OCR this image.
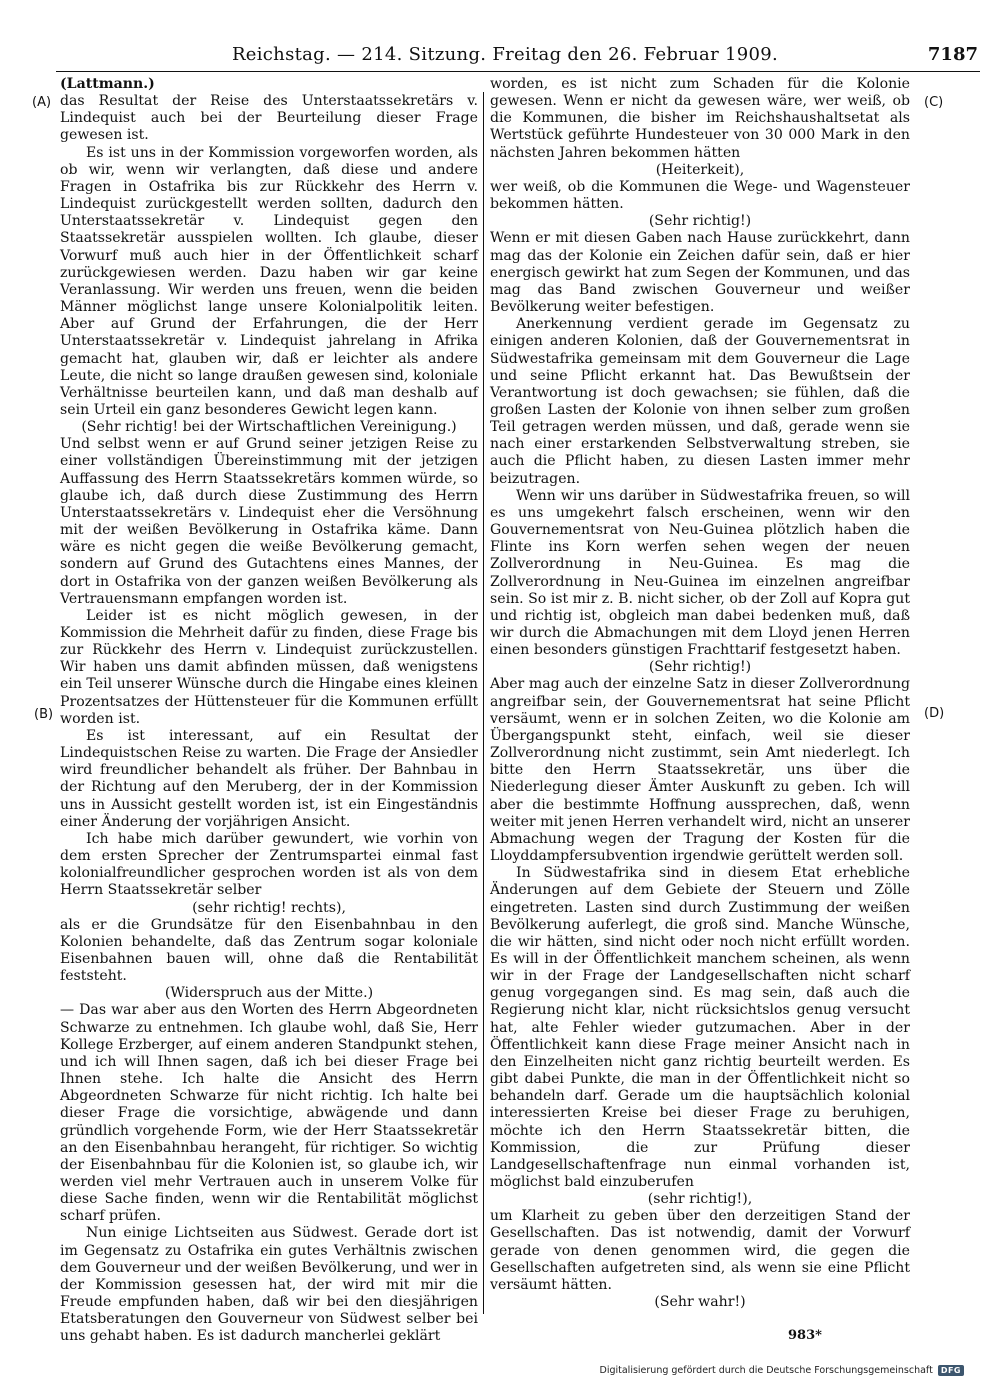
Reichstag. — 214. Sitzung. Freitag den 26. Februar 1909.	7187
(A)
(B)
(C)
(D)

(Lattmann.)

das Resultat der Reise des Unterstaatssekretärs v. Lindequist auch bei der Beurteilung dieser Frage gewesen ist.

Es ist uns in der Kommission vorgeworfen worden, als ob wir, wenn wir verlangten, daß diese und andere Fragen in Ostafrika bis zur Rückkehr des Herrn v. Lindequist zurückgestellt werden sollten, dadurch den Unterstaatssekretär v. Lindequist gegen den Staatssekretär ausspielen wollten. Ich glaube, dieser Vorwurf muß auch hier in der Öffentlichkeit scharf zurückgewiesen werden. Dazu haben wir gar keine Veranlassung. Wir werden uns freuen, wenn die beiden Männer möglichst lange unsere Kolonialpolitik leiten. Aber auf Grund der Erfahrungen, die der Herr Unterstaatssekretär v. Lindequist jahrelang in Afrika gemacht hat, glauben wir, daß er leichter als andere Leute, die nicht so lange draußen gewesen sind, koloniale Verhältnisse beurteilen kann, und daß man deshalb auf sein Urteil ein ganz besonderes Gewicht legen kann.

(Sehr richtig! bei der Wirtschaftlichen Vereinigung.)

Und selbst wenn er auf Grund seiner jetzigen Reise zu einer vollständigen Übereinstimmung mit der jetzigen Auffassung des Herrn Staatssekretärs kommen würde, so glaube ich, daß durch diese Zustimmung des Herrn Unterstaatssekretärs v. Lindequist eher die Versöhnung mit der weißen Bevölkerung in Ostafrika käme. Dann wäre es nicht gegen die weiße Bevölkerung gemacht, sondern auf Grund des Gutachtens eines Mannes, der dort in Ostafrika von der ganzen weißen Bevölkerung als Vertrauensmann empfangen worden ist.

Leider ist es nicht möglich gewesen, in der Kommission die Mehrheit dafür zu finden, diese Frage bis zur Rückkehr des Herrn v. Lindequist zurückzustellen. Wir haben uns damit abfinden müssen, daß wenigstens ein Teil unserer Wünsche durch die Hingabe eines kleinen Prozentsatzes der Hüttensteuer für die Kommunen erfüllt worden ist.

Es ist interessant, auf ein Resultat der Lindequistschen Reise zu warten. Die Frage der Ansiedler wird freundlicher behandelt als früher. Der Bahnbau in der Richtung auf den Meruberg, der in der Kommission uns in Aussicht gestellt worden ist, ist ein Eingeständnis einer Änderung der vorjährigen Ansicht.

Ich habe mich darüber gewundert, wie vorhin von dem ersten Sprecher der Zentrumspartei einmal fast kolonialfreundlicher gesprochen worden ist als von dem Herrn Staatssekretär selber

(sehr richtig! rechts),

als er die Grundsätze für den Eisenbahnbau in den Kolonien behandelte, daß das Zentrum sogar koloniale Eisenbahnen bauen will, ohne daß die Rentabilität feststeht.

(Widerspruch aus der Mitte.)

— Das war aber aus den Worten des Herrn Abgeordneten Schwarze zu entnehmen. Ich glaube wohl, daß Sie, Herr Kollege Erzberger, auf einem anderen Standpunkt stehen, und ich will Ihnen sagen, daß ich bei dieser Frage bei Ihnen stehe. Ich halte die Ansicht des Herrn Abgeordneten Schwarze für nicht richtig. Ich halte bei dieser Frage die vorsichtige, abwägende und dann gründlich vorgehende Form, wie der Herr Staatssekretär an den Eisenbahnbau herangeht, für richtiger. So wichtig der Eisenbahnbau für die Kolonien ist, so glaube ich, wir werden viel mehr Vertrauen auch in unserem Volke für diese Sache finden, wenn wir die Rentabilität möglichst scharf prüfen.

Nun einige Lichtseiten aus Südwest. Gerade dort ist im Gegensatz zu Ostafrika ein gutes Verhältnis zwischen dem Gouverneur und der weißen Bevölkerung, und wer in der Kommission gesessen hat, der wird mit mir die Freude empfunden haben, daß wir bei den diesjährigen Etatsberatungen den Gouverneur von Südwest selber bei uns gehabt haben. Es ist dadurch mancherlei geklärt

worden, es ist nicht zum Schaden für die Kolonie gewesen. Wenn er nicht da gewesen wäre, wer weiß, ob die Kommunen, die bisher im Reichshaushaltsetat als Wertstück geführte Hundesteuer von 30 000 Mark in den nächsten Jahren bekommen hätten

(Heiterkeit),

wer weiß, ob die Kommunen die Wege- und Wagensteuer bekommen hätten.

(Sehr richtig!)

Wenn er mit diesen Gaben nach Hause zurückkehrt, dann mag das der Kolonie ein Zeichen dafür sein, daß er hier energisch gewirkt hat zum Segen der Kommunen, und das mag das Band zwischen Gouverneur und weißer Bevölkerung weiter befestigen.

Anerkennung verdient gerade im Gegensatz zu einigen anderen Kolonien, daß der Gouvernementsrat in Südwestafrika gemeinsam mit dem Gouverneur die Lage und seine Pflicht erkannt hat. Das Bewußtsein der Verantwortung ist doch gewachsen; sie fühlen, daß die großen Lasten der Kolonie von ihnen selber zum großen Teil getragen werden müssen, und daß, gerade wenn sie nach einer erstarkenden Selbstverwaltung streben, sie auch die Pflicht haben, zu diesen Lasten immer mehr beizutragen.

Wenn wir uns darüber in Südwestafrika freuen, so will es uns umgekehrt falsch erscheinen, wenn wir den Gouvernementsrat von Neu-Guinea plötzlich haben die Flinte ins Korn werfen sehen wegen der neuen Zollverordnung in Neu-Guinea. Es mag die Zollverordnung in Neu-Guinea im einzelnen angreifbar sein. So ist mir z. B. nicht sicher, ob der Zoll auf Kopra gut und richtig ist, obgleich man dabei bedenken muß, daß wir durch die Abmachungen mit dem Lloyd jenen Herren einen besonders günstigen Frachttarif festgesetzt haben.

(Sehr richtig!)

Aber mag auch der einzelne Satz in dieser Zollverordnung angreifbar sein, der Gouvernementsrat hat seine Pflicht versäumt, wenn er in solchen Zeiten, wo die Kolonie am Übergangspunkt steht, einfach, weil sie dieser Zollverordnung nicht zustimmt, sein Amt niederlegt. Ich bitte den Herrn Staatssekretär, uns über die Niederlegung dieser Ämter Auskunft zu geben. Ich will aber die bestimmte Hoffnung aussprechen, daß, wenn weiter mit jenen Herren verhandelt wird, nicht an unserer Abmachung wegen der Tragung der Kosten für die Lloyddampfersubvention irgendwie gerüttelt werden soll.

In Südwestafrika sind in diesem Etat erhebliche Änderungen auf dem Gebiete der Steuern und Zölle eingetreten. Lasten sind durch Zustimmung der weißen Bevölkerung auferlegt, die groß sind. Manche Wünsche, die wir hätten, sind nicht oder noch nicht erfüllt worden. Es will in der Öffentlichkeit manchem scheinen, als wenn wir in der Frage der Landgesellschaften nicht scharf genug vorgegangen sind. Es mag sein, daß auch die Regierung nicht klar, nicht rücksichtslos genug versucht hat, alte Fehler wieder gutzumachen. Aber in der Öffentlichkeit kann diese Frage meiner Ansicht nach in den Einzelheiten nicht ganz richtig beurteilt werden. Es gibt dabei Punkte, die man in der Öffentlichkeit nicht so behandeln darf. Gerade um die hauptsächlich kolonial interessierten Kreise bei dieser Frage zu beruhigen, möchte ich den Herrn Staatssekretär bitten, die Kommission, die zur Prüfung dieser Landgesellschaftenfrage nun einmal vorhanden ist, möglichst bald einzuberufen

(sehr richtig!),

um Klarheit zu geben über den derzeitigen Stand der Gesellschaften. Das ist notwendig, damit der Vorwurf gerade von denen genommen wird, die gegen die Gesellschaften aufgetreten sind, als wenn sie eine Pflicht versäumt hätten.

(Sehr wahr!)

983*
Digitalisierung gefördert durch die Deutsche Forschungsgemeinschaft	DFG
